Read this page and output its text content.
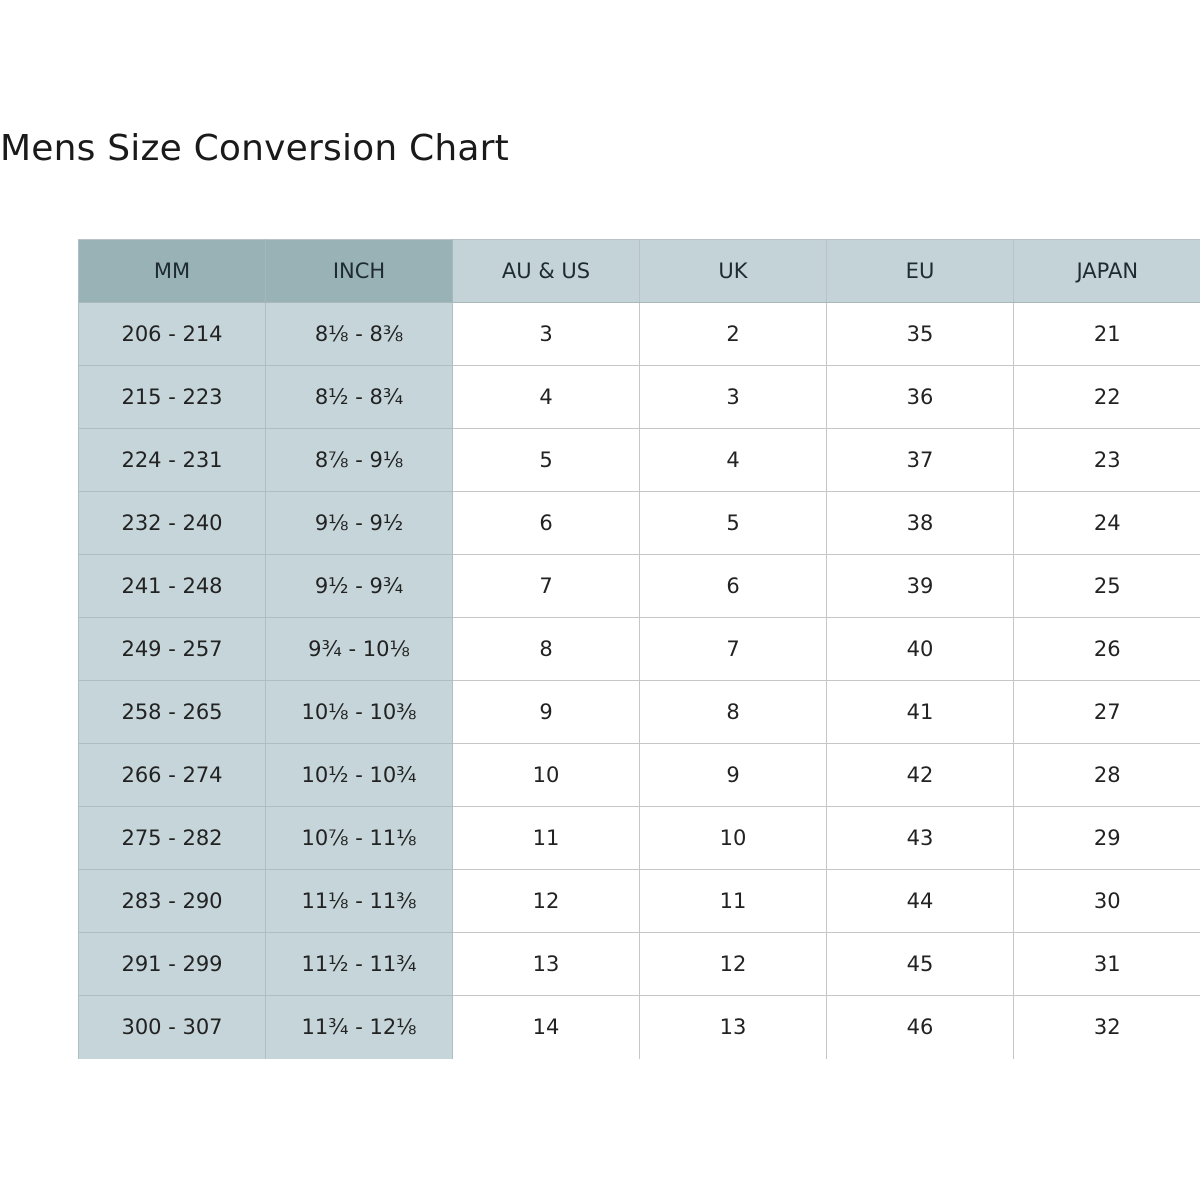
Mens Size Conversion Chart
MM	INCH	AU & US	UK	EU	JAPAN
206 - 214	8⅛ - 8⅜	3	2	35	21
215 - 223	8½ - 8¾	4	3	36	22
224 - 231	8⅞ - 9⅛	5	4	37	23
232 - 240	9⅛ - 9½	6	5	38	24
241 - 248	9½ - 9¾	7	6	39	25
249 - 257	9¾ - 10⅛	8	7	40	26
258 - 265	10⅛ - 10⅜	9	8	41	27
266 - 274	10½ - 10¾	10	9	42	28
275 - 282	10⅞ - 11⅛	11	10	43	29
283 - 290	11⅛ - 11⅜	12	11	44	30
291 - 299	11½ - 11¾	13	12	45	31
300 - 307	11¾ - 12⅛	14	13	46	32
